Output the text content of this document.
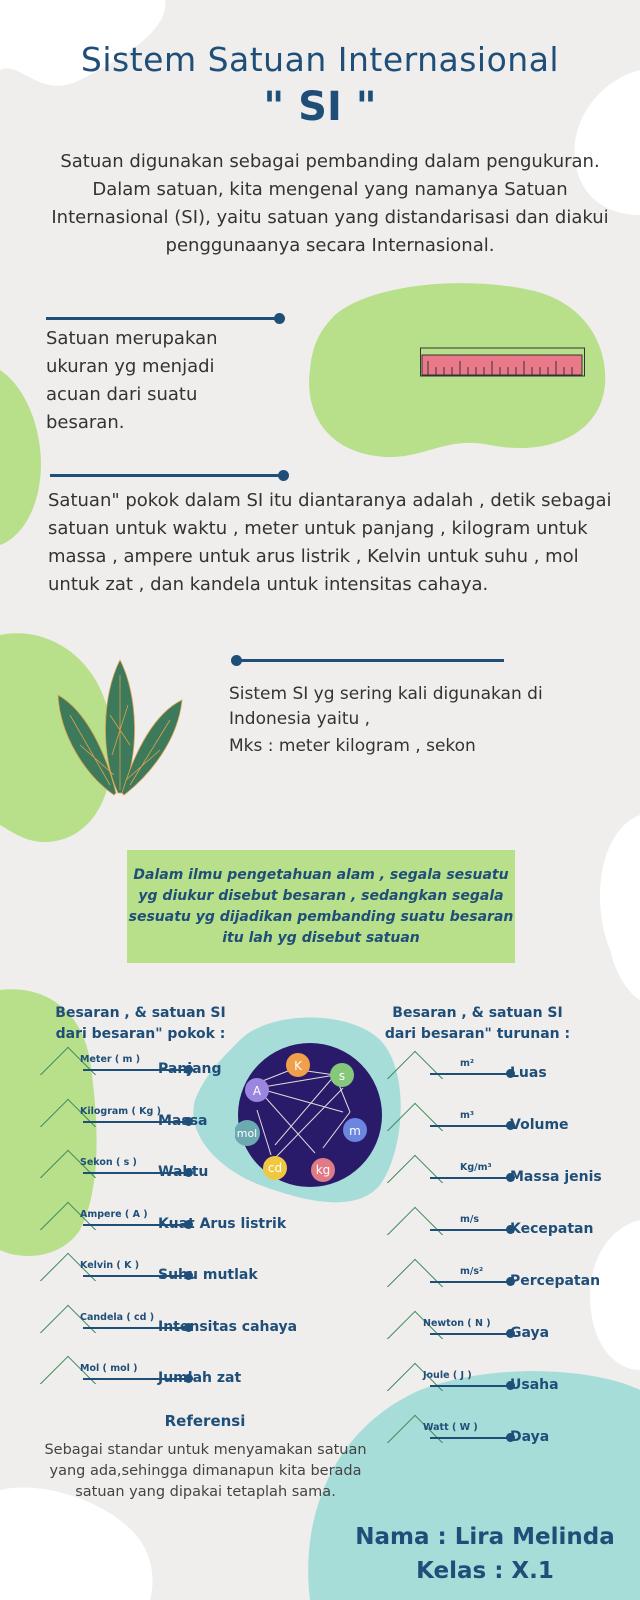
Sistem Satuan Internasional
" SI "
Satuan digunakan sebagai pembanding dalam pengukuran. Dalam satuan, kita mengenal yang namanya Satuan Internasional (SI), yaitu satuan yang distandarisasi dan diakui penggunaanya secara Internasional.
Satuan merupakan ukuran yg menjadi acuan dari suatu besaran.
Satuan" pokok dalam SI itu diantaranya adalah , detik sebagai satuan untuk waktu , meter untuk panjang , kilogram untuk massa , ampere untuk arus listrik , Kelvin untuk suhu , mol untuk zat , dan kandela untuk intensitas cahaya.
Sistem SI yg sering kali digunakan di Indonesia yaitu ,
Mks : meter kilogram , sekon
Dalam ilmu pengetahuan alam , segala sesuatu yg diukur disebut besaran , sedangkan segala sesuatu yg dijadikan pembanding suatu besaran itu lah yg disebut satuan
Besaran , & satuan SI dari besaran" pokok :
Besaran , & satuan SI dari besaran" turunan :
K
A
s
mol	m
cd	kg
Meter ( m )
Panjang
Kilogram ( Kg )
Massa
Sekon ( s )
Waktu
Ampere ( A )
Kuat Arus listrik
Kelvin ( K )
Suhu mutlak
Candela ( cd )
Intensitas cahaya
Mol ( mol )
Jumlah zat
m²
Luas
m³
Volume
Kg/m³
Massa jenis
m/s
Kecepatan
m/s²
Percepatan
Newton ( N )
Gaya
Joule ( J )
Usaha
Watt ( W )
Daya
Referensi
Sebagai standar untuk menyamakan satuan yang ada,sehingga dimanapun kita berada satuan yang dipakai tetaplah sama.
Nama : Lira Melinda
Kelas : X.1
